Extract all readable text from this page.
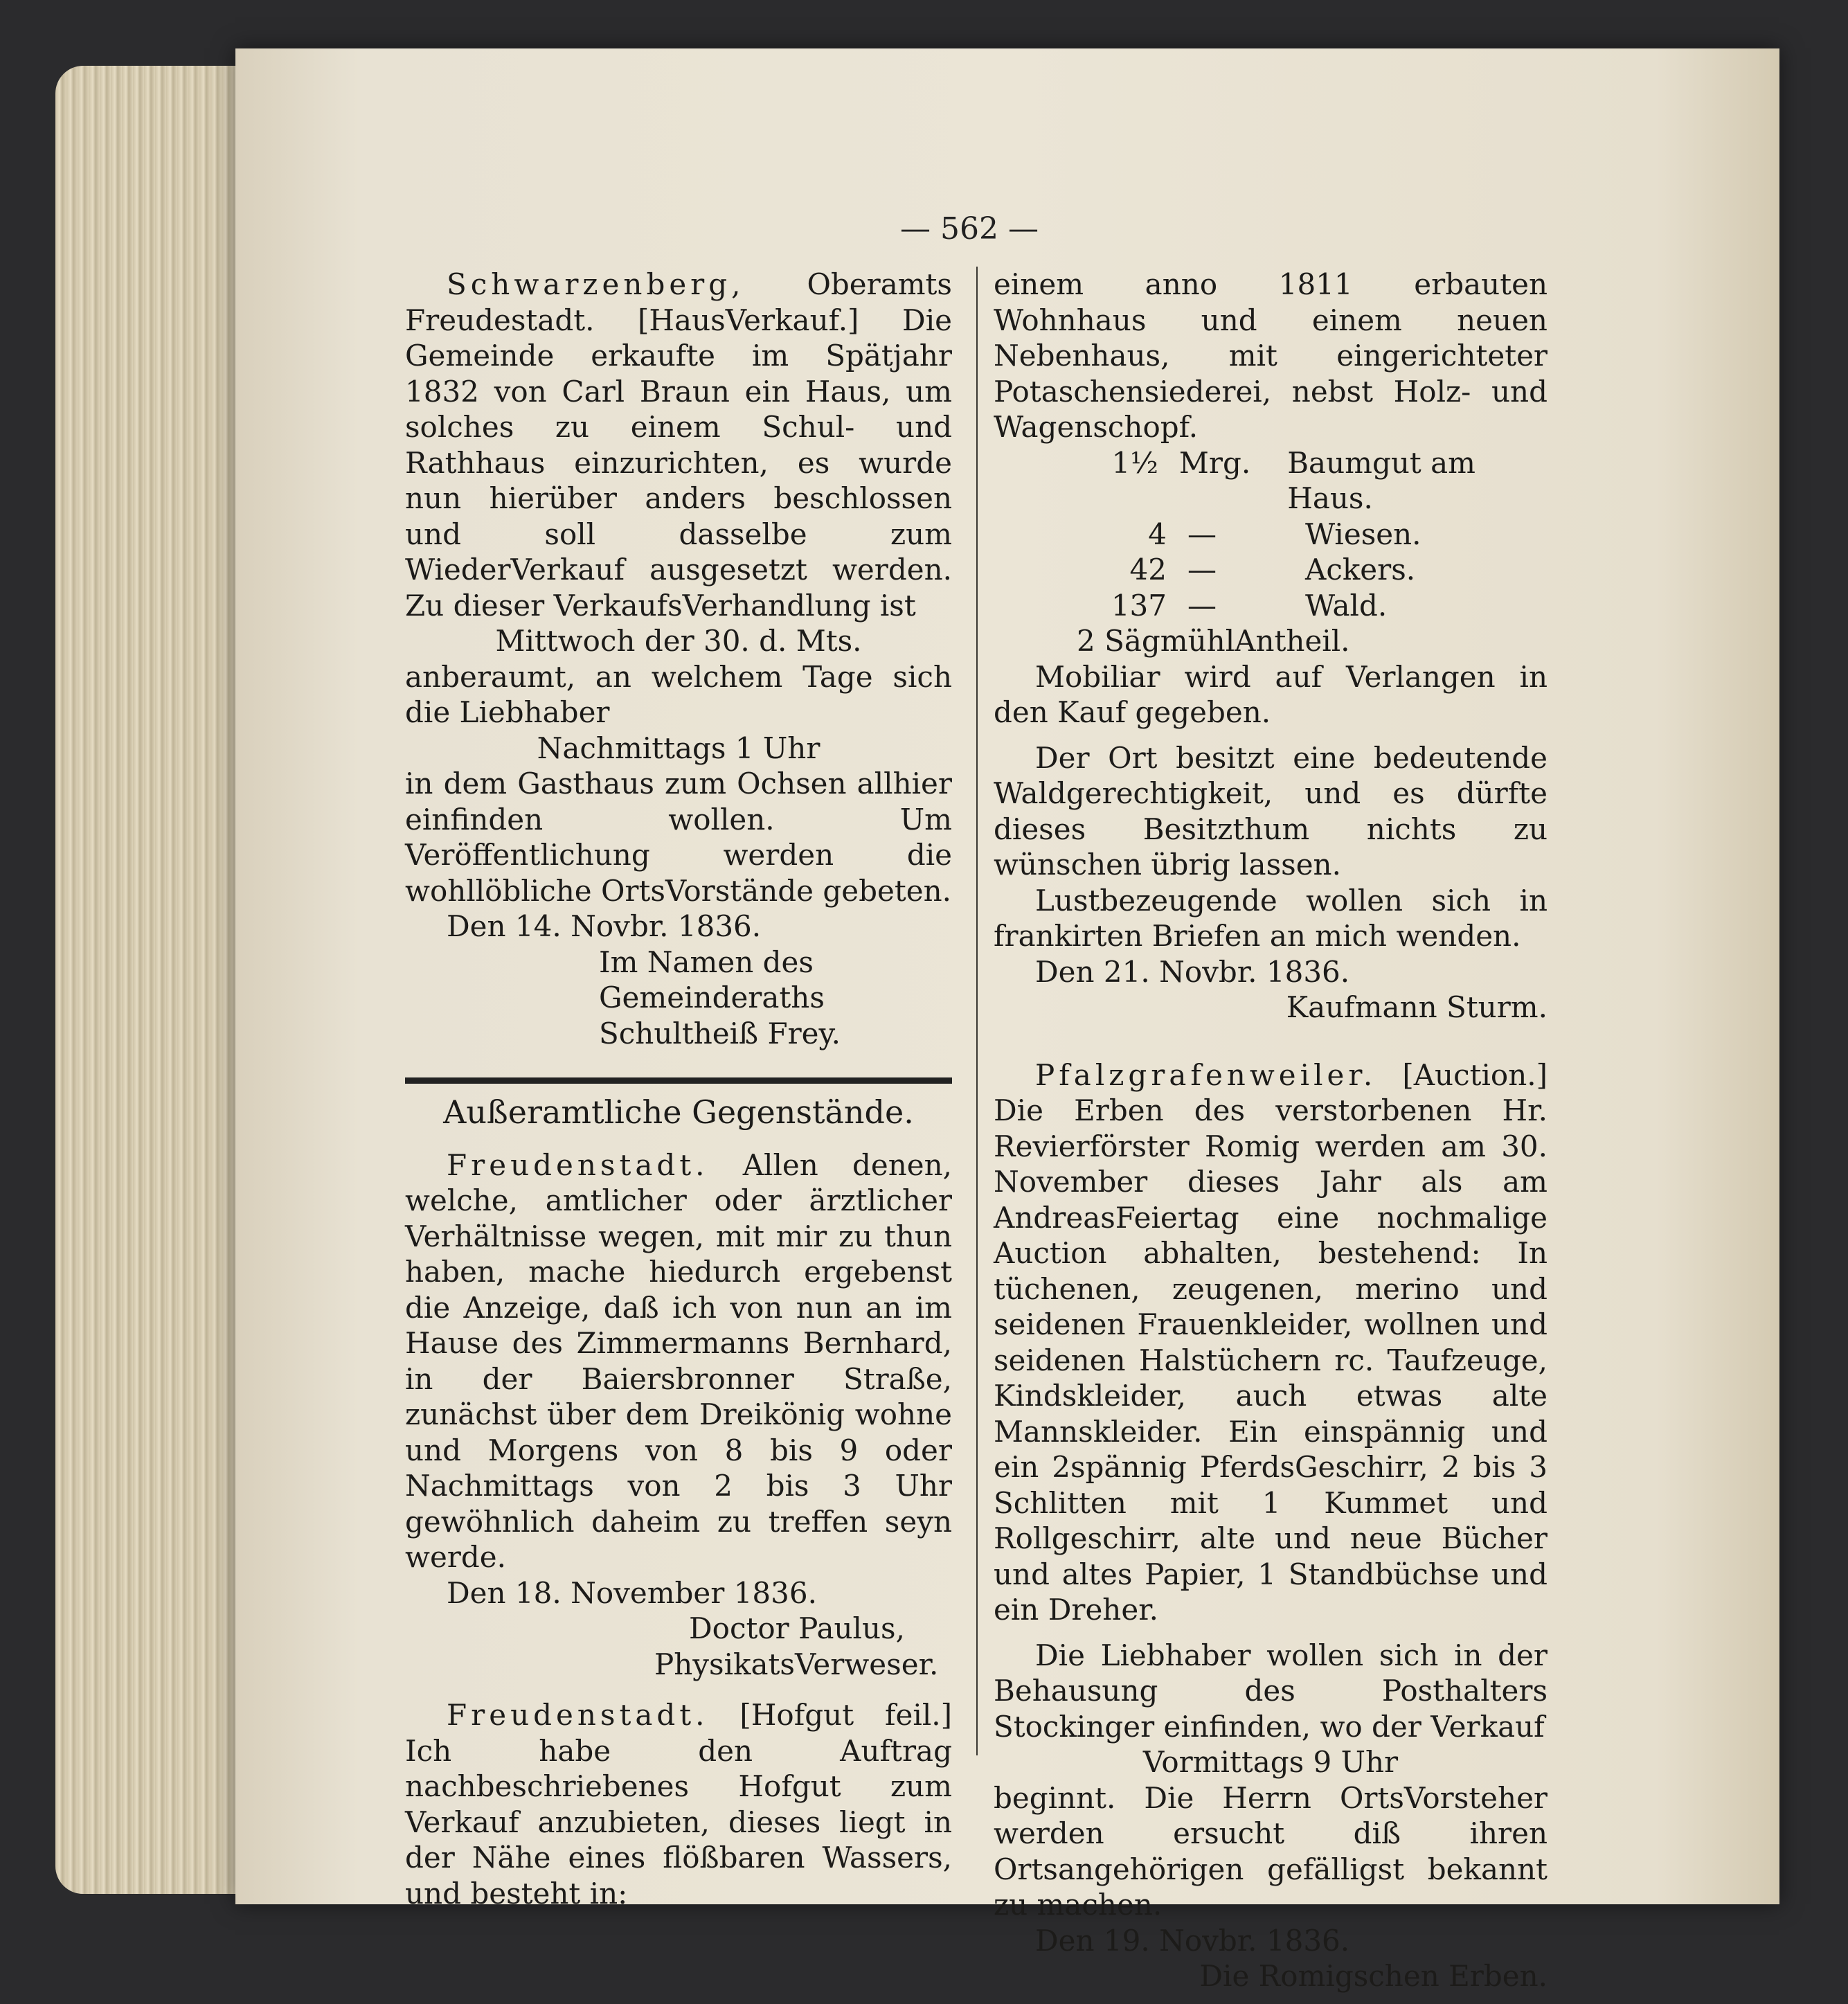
— 562 —

Schwarzenberg, Oberamts Freudestadt. [HausVerkauf.] Die Gemeinde erkaufte im Spätjahr 1832 von Carl Braun ein Haus, um solches zu einem Schul- und Rathhaus einzurichten, es wurde nun hierüber anders beschlossen und soll dasselbe zum WiederVerkauf ausgesetzt werden. Zu dieser VerkaufsVerhandlung ist

Mittwoch der 30. d. Mts.

anberaumt, an welchem Tage sich die Liebhaber

Nachmittags 1 Uhr

in dem Gasthaus zum Ochsen allhier einfinden wollen. Um Veröffentlichung werden die wohllöbliche OrtsVorstände gebeten.

Den 14. Novbr. 1836.

Im Namen des

Gemeinderaths

Schultheiß Frey.

Außeramtliche Gegenstände.

Freudenstadt. Allen denen, welche, amtlicher oder ärztlicher Verhältnisse wegen, mit mir zu thun haben, mache hiedurch ergebenst die Anzeige, daß ich von nun an im Hause des Zimmermanns Bernhard, in der Baiersbronner Straße, zunächst über dem Dreikönig wohne und Morgens von 8 bis 9 oder Nachmittags von 2 bis 3 Uhr gewöhnlich daheim zu treffen seyn werde.

Den 18. November 1836.

Doctor Paulus,

PhysikatsVerweser.

Freudenstadt. [Hofgut feil.] Ich habe den Auftrag nachbeschriebenes Hofgut zum Verkauf anzubieten, dieses liegt in der Nähe eines flößbaren Wassers, und besteht in:

einem anno 1811 erbauten Wohnhaus und einem neuen Nebenhaus, mit eingerichteter Potaschensiederei, nebst Holz- und Wagenschopf.

1½ Mrg.	Baumgut am Haus.
4 —	Wiesen.
42 —	Ackers.
137 —	Wald.

2 SägmühlAntheil.

Mobiliar wird auf Verlangen in den Kauf gegeben.

Der Ort besitzt eine bedeutende Waldgerechtigkeit, und es dürfte dieses Besitzthum nichts zu wünschen übrig lassen.

Lustbezeugende wollen sich in frankirten Briefen an mich wenden.

Den 21. Novbr. 1836.

Kaufmann Sturm.

Pfalzgrafenweiler. [Auction.] Die Erben des verstorbenen Hr. Revierförster Romig werden am 30. November dieses Jahr als am AndreasFeiertag eine nochmalige Auction abhalten, bestehend: In tüchenen, zeugenen, merino und seidenen Frauenkleider, wollnen und seidenen Halstüchern rc. Taufzeuge, Kindskleider, auch etwas alte Mannskleider. Ein einspännig und ein 2spännig PferdsGeschirr, 2 bis 3 Schlitten mit 1 Kummet und Rollgeschirr, alte und neue Bücher und altes Papier, 1 Standbüchse und ein Dreher.

Die Liebhaber wollen sich in der Behausung des Posthalters Stockinger einfinden, wo der Verkauf

Vormittags 9 Uhr

beginnt. Die Herrn OrtsVorsteher werden ersucht diß ihren Ortsangehörigen gefälligst bekannt zu machen.

Den 19. Novbr. 1836.

Die Romigschen Erben.
